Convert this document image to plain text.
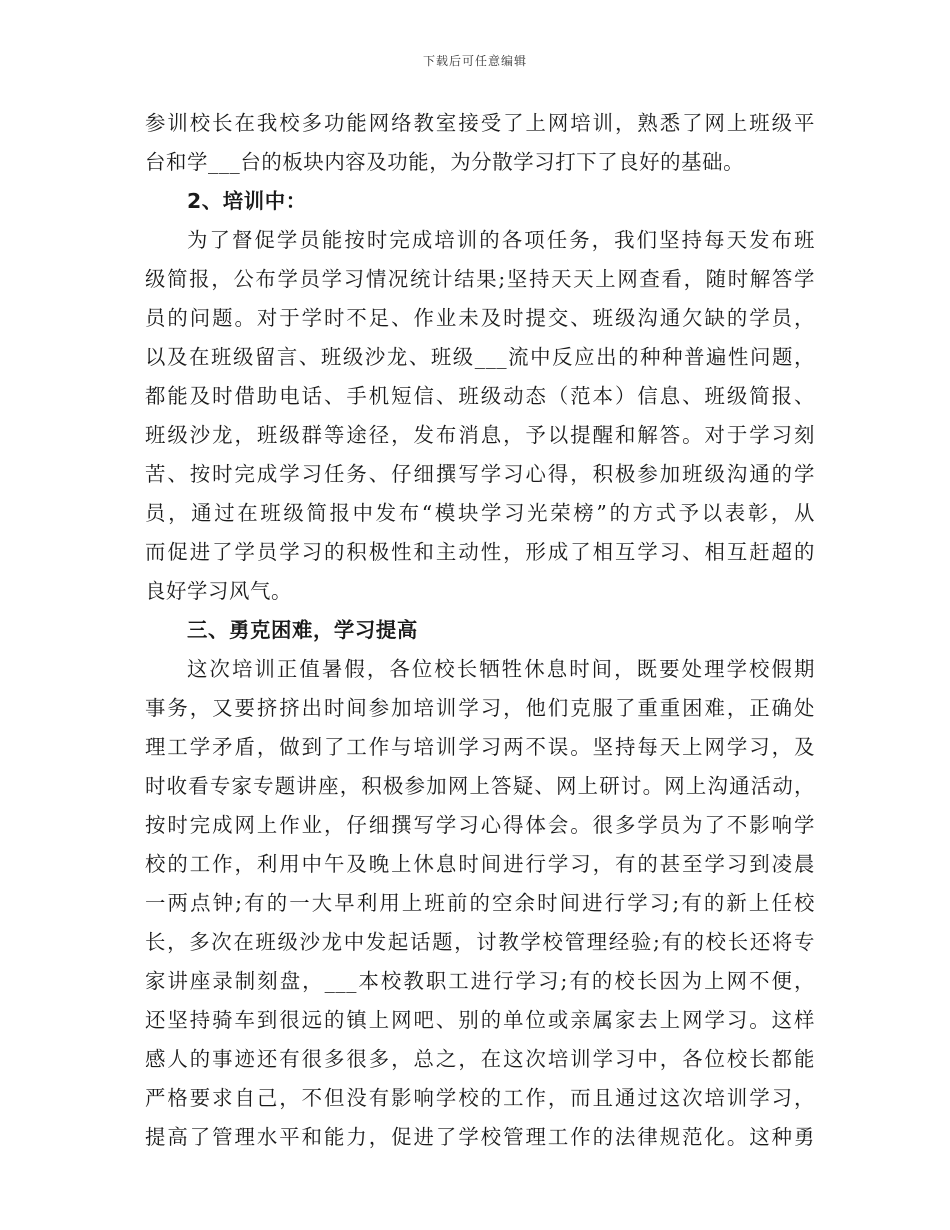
下载后可任意编辑
参训校长在我校多功能网络教室接受了上网培训，熟悉了网上班级平
台和学___台的板块内容及功能，为分散学习打下了良好的基础。
2、培训中：
为了督促学员能按时完成培训的各项任务，我们坚持每天发布班
级简报，公布学员学习情况统计结果;坚持天天上网查看，随时解答学
员的问题。对于学时不足、作业未及时提交、班级沟通欠缺的学员，
以及在班级留言、班级沙龙、班级___流中反应出的种种普遍性问题，
都能及时借助电话、手机短信、班级动态（范本）信息、班级简报、
班级沙龙，班级群等途径，发布消息，予以提醒和解答。对于学习刻
苦、按时完成学习任务、仔细撰写学习心得，积极参加班级沟通的学
员，通过在班级简报中发布“模块学习光荣榜”的方式予以表彰，从
而促进了学员学习的积极性和主动性，形成了相互学习、相互赶超的
良好学习风气。
三、勇克困难，学习提高
这次培训正值暑假，各位校长牺牲休息时间，既要处理学校假期
事务，又要挤挤出时间参加培训学习，他们克服了重重困难，正确处
理工学矛盾，做到了工作与培训学习两不误。坚持每天上网学习，及
时收看专家专题讲座，积极参加网上答疑、网上研讨。网上沟通活动，
按时完成网上作业，仔细撰写学习心得体会。很多学员为了不影响学
校的工作，利用中午及晚上休息时间进行学习，有的甚至学习到凌晨
一两点钟;有的一大早利用上班前的空余时间进行学习;有的新上任校
长，多次在班级沙龙中发起话题，讨教学校管理经验;有的校长还将专
家讲座录制刻盘，___本校教职工进行学习;有的校长因为上网不便，
还坚持骑车到很远的镇上网吧、别的单位或亲属家去上网学习。这样
感人的事迹还有很多很多，总之，在这次培训学习中，各位校长都能
严格要求自己，不但没有影响学校的工作，而且通过这次培训学习，
提高了管理水平和能力，促进了学校管理工作的法律规范化。这种勇
